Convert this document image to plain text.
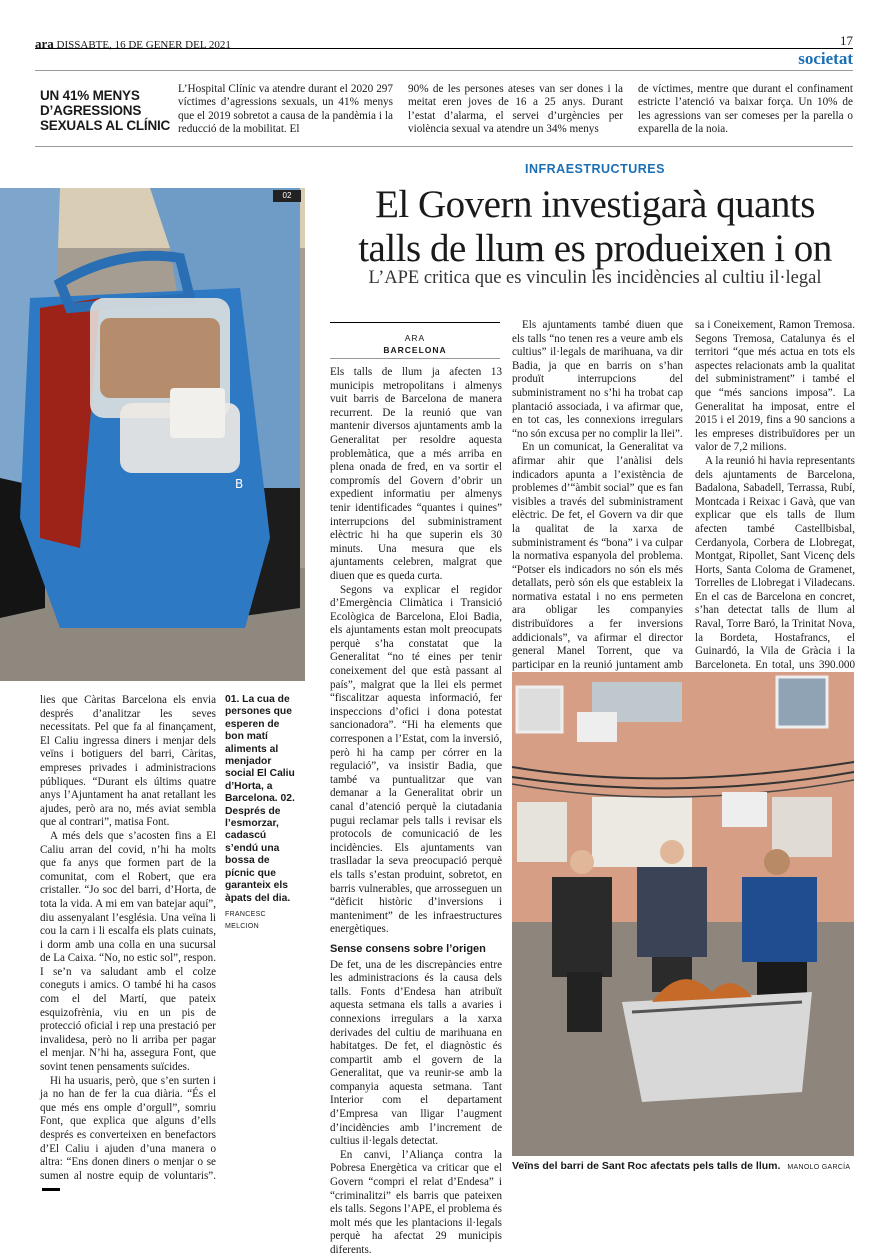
ara DISSABTE, 16 DE GENER DEL 2021	17
societat
UN 41% MENYS D’AGRESSIONS SEXUALS AL CLÍNIC
L’Hospital Clínic va atendre durant el 2020 297 víctimes d’agressions sexuals, un 41% menys que el 2019 sobretot a causa de la pandèmia i la reducció de la mobilitat. El
90% de les persones ateses van ser dones i la meitat eren joves de 16 a 25 anys. Durant l’estat d’alarma, el servei d’urgències per violència sexual va atendre un 34% menys
de víctimes, mentre que durant el confinament estricte l’atenció va baixar força. Un 10% de les agressions van ser comeses per la parella o exparella de la noia.
INFRAESTRUCTURES
El Govern investigarà quants
talls de llum es produeixen i on
L’APE critica que es vinculin les incidències al cultiu il·legal
B
02

lies que Càritas Barcelona els envia després d’analitzar les seves necessitats. Pel que fa al finançament, El Caliu ingressa diners i menjar dels veïns i botiguers del barri, Càritas, empreses privades i administracions públiques. “Durant els últims quatre anys l’Ajuntament ha anat retallant les ajudes, però ara no, més aviat sembla que al contrari”, matisa Font.

A més dels que s’acosten fins a El Caliu arran del covid, n’hi ha molts que fa anys que formen part de la comunitat, com el Robert, que era cristaller. “Jo soc del barri, d’Horta, de tota la vida. A mi em van batejar aquí”, diu assenyalant l’església. Una veïna li cou la carn i li escalfa els plats cuinats, i dorm amb una colla en una sucursal de La Caixa. “No, no estic sol”, respon. I se’n va saludant amb el colze coneguts i amics. O també hi ha casos com el del Martí, que pateix esquizofrènia, viu en un pis de protecció oficial i rep una prestació per invalidesa, però no li arriba per pagar el menjar. N’hi ha, assegura Font, que sovint tenen pensaments suïcides.

Hi ha usuaris, però, que s’en surten i ja no han de fer la cua diària. “És el que més ens omple d’orgull”, somriu Font, que explica que alguns d’ells després es converteixen en benefactors d’El Caliu i ajuden d’una manera o altra: “Ens donen diners o menjar o se sumen al nostre equip de voluntaris”.

01. La cua de persones que esperen de bon matí aliments al menjador social El Caliu d’Horta, a Barcelona. 02. Després de l’esmorzar, cadascú s’endú una bossa de pícnic que garanteix els àpats del dia.
FRANCESC MELCION
ARA
BARCELONA

Els talls de llum ja afecten 13 municipis metropolitans i almenys vuit barris de Barcelona de manera recurrent. De la reunió que van mantenir diversos ajuntaments amb la Generalitat per resoldre aquesta problemàtica, que a més arriba en plena onada de fred, en va sortir el compromís del Govern d’obrir un expedient informatiu per almenys tenir identificades “quantes i quines” interrupcions del subministrament elèctric hi ha que superin els 30 minuts. Una mesura que els ajuntaments celebren, malgrat que diuen que es queda curta.

Segons va explicar el regidor d’Emergència Climàtica i Transició Ecològica de Barcelona, Eloi Badia, els ajuntaments estan molt preocupats perquè s’ha constatat que la Generalitat “no té eines per tenir coneixement del que està passant al país”, malgrat que la llei els permet “fiscalitzar aquesta informació, fer inspeccions d’ofici i dona potestat sancionadora”. “Hi ha elements que corresponen a l’Estat, com la inversió, però hi ha camp per córrer en la regulació”, va insistir Badia, que també va puntualitzar que van demanar a la Generalitat obrir un canal d’atenció perquè la ciutadania pugui reclamar pels talls i revisar els protocols de comunicació de les incidències. Els ajuntaments van traslladar la seva preocupació perquè els talls s’estan produint, sobretot, en barris vulnerables, que arrosseguen un “dèficit històric d’inversions i manteniment” de les infraestructures energètiques.

Sense consens sobre l’origen

De fet, una de les discrepàncies entre les administracions és la causa dels talls. Fonts d’Endesa han atribuït aquesta setmana els talls a avaries i connexions irregulars a la xarxa derivades del cultiu de marihuana en habitatges. De fet, el diagnòstic és compartit amb el govern de la Generalitat, que va reunir-se amb la companyia aquesta setmana. Tant Interior com el departament d’Empresa van lligar l’augment d’incidències amb l’increment de cultius il·legals detectat.

En canvi, l’Aliança contra la Pobresa Energètica va criticar que el Govern “compri el relat d’Endesa” i “criminalitzi” els barris que pateixen els talls. Segons l’APE, el problema és molt més que les plantacions il·legals perquè ha afectat 29 municipis diferents.

Els ajuntaments també diuen que els talls “no tenen res a veure amb els cultius” il·legals de marihuana, va dir Badia, ja que en barris on s’han produït interrupcions del subministrament no s’hi ha trobat cap plantació associada, i va afirmar que, en tot cas, les connexions irregulars “no són excusa per no complir la llei”.

En un comunicat, la Generalitat va afirmar ahir que l’anàlisi dels indicadors apunta a l’existència de problemes d’“àmbit social” que es fan visibles a través del subministrament elèctric. De fet, el Govern va dir que la qualitat de la xarxa de subministrament és “bona” i va culpar la normativa espanyola del problema. “Potser els indicadors no són els més detallats, però són els que estableix la normativa estatal i no ens permeten ara obligar les companyies distribuïdores a fer inversions addicionals”, va afirmar el director general Manel Torrent, que va participar en la reunió juntament amb

sa i Coneixement, Ramon Tremosa. Segons Tremosa, Catalunya és el territori “que més actua en tots els aspectes relacionats amb la qualitat del subministrament” i també el que “més sancions imposa”. La Generalitat ha imposat, entre el 2015 i el 2019, fins a 90 sancions a les empreses distribuïdores per un valor de 7,2 milions.

A la reunió hi havia representants dels ajuntaments de Barcelona, Badalona, Sabadell, Terrassa, Rubí, Montcada i Reixac i Gavà, que van explicar que els talls de llum afecten també Castellbisbal, Cerdanyola, Corbera de Llobregat, Montgat, Ripollet, Sant Vicenç dels Horts, Santa Coloma de Gramenet, Torrelles de Llobregat i Viladecans. En el cas de Barcelona en concret, s’han detectat talls de llum al Raval, Torre Baró, la Trinitat Nova, la Bordeta, Hostafrancs, el Guinardó, la Vila de Gràcia i la Barceloneta. En total, uns 390.000

Veïns del barri de Sant Roc afectats pels talls de llum. MANOLO GARCÍA
